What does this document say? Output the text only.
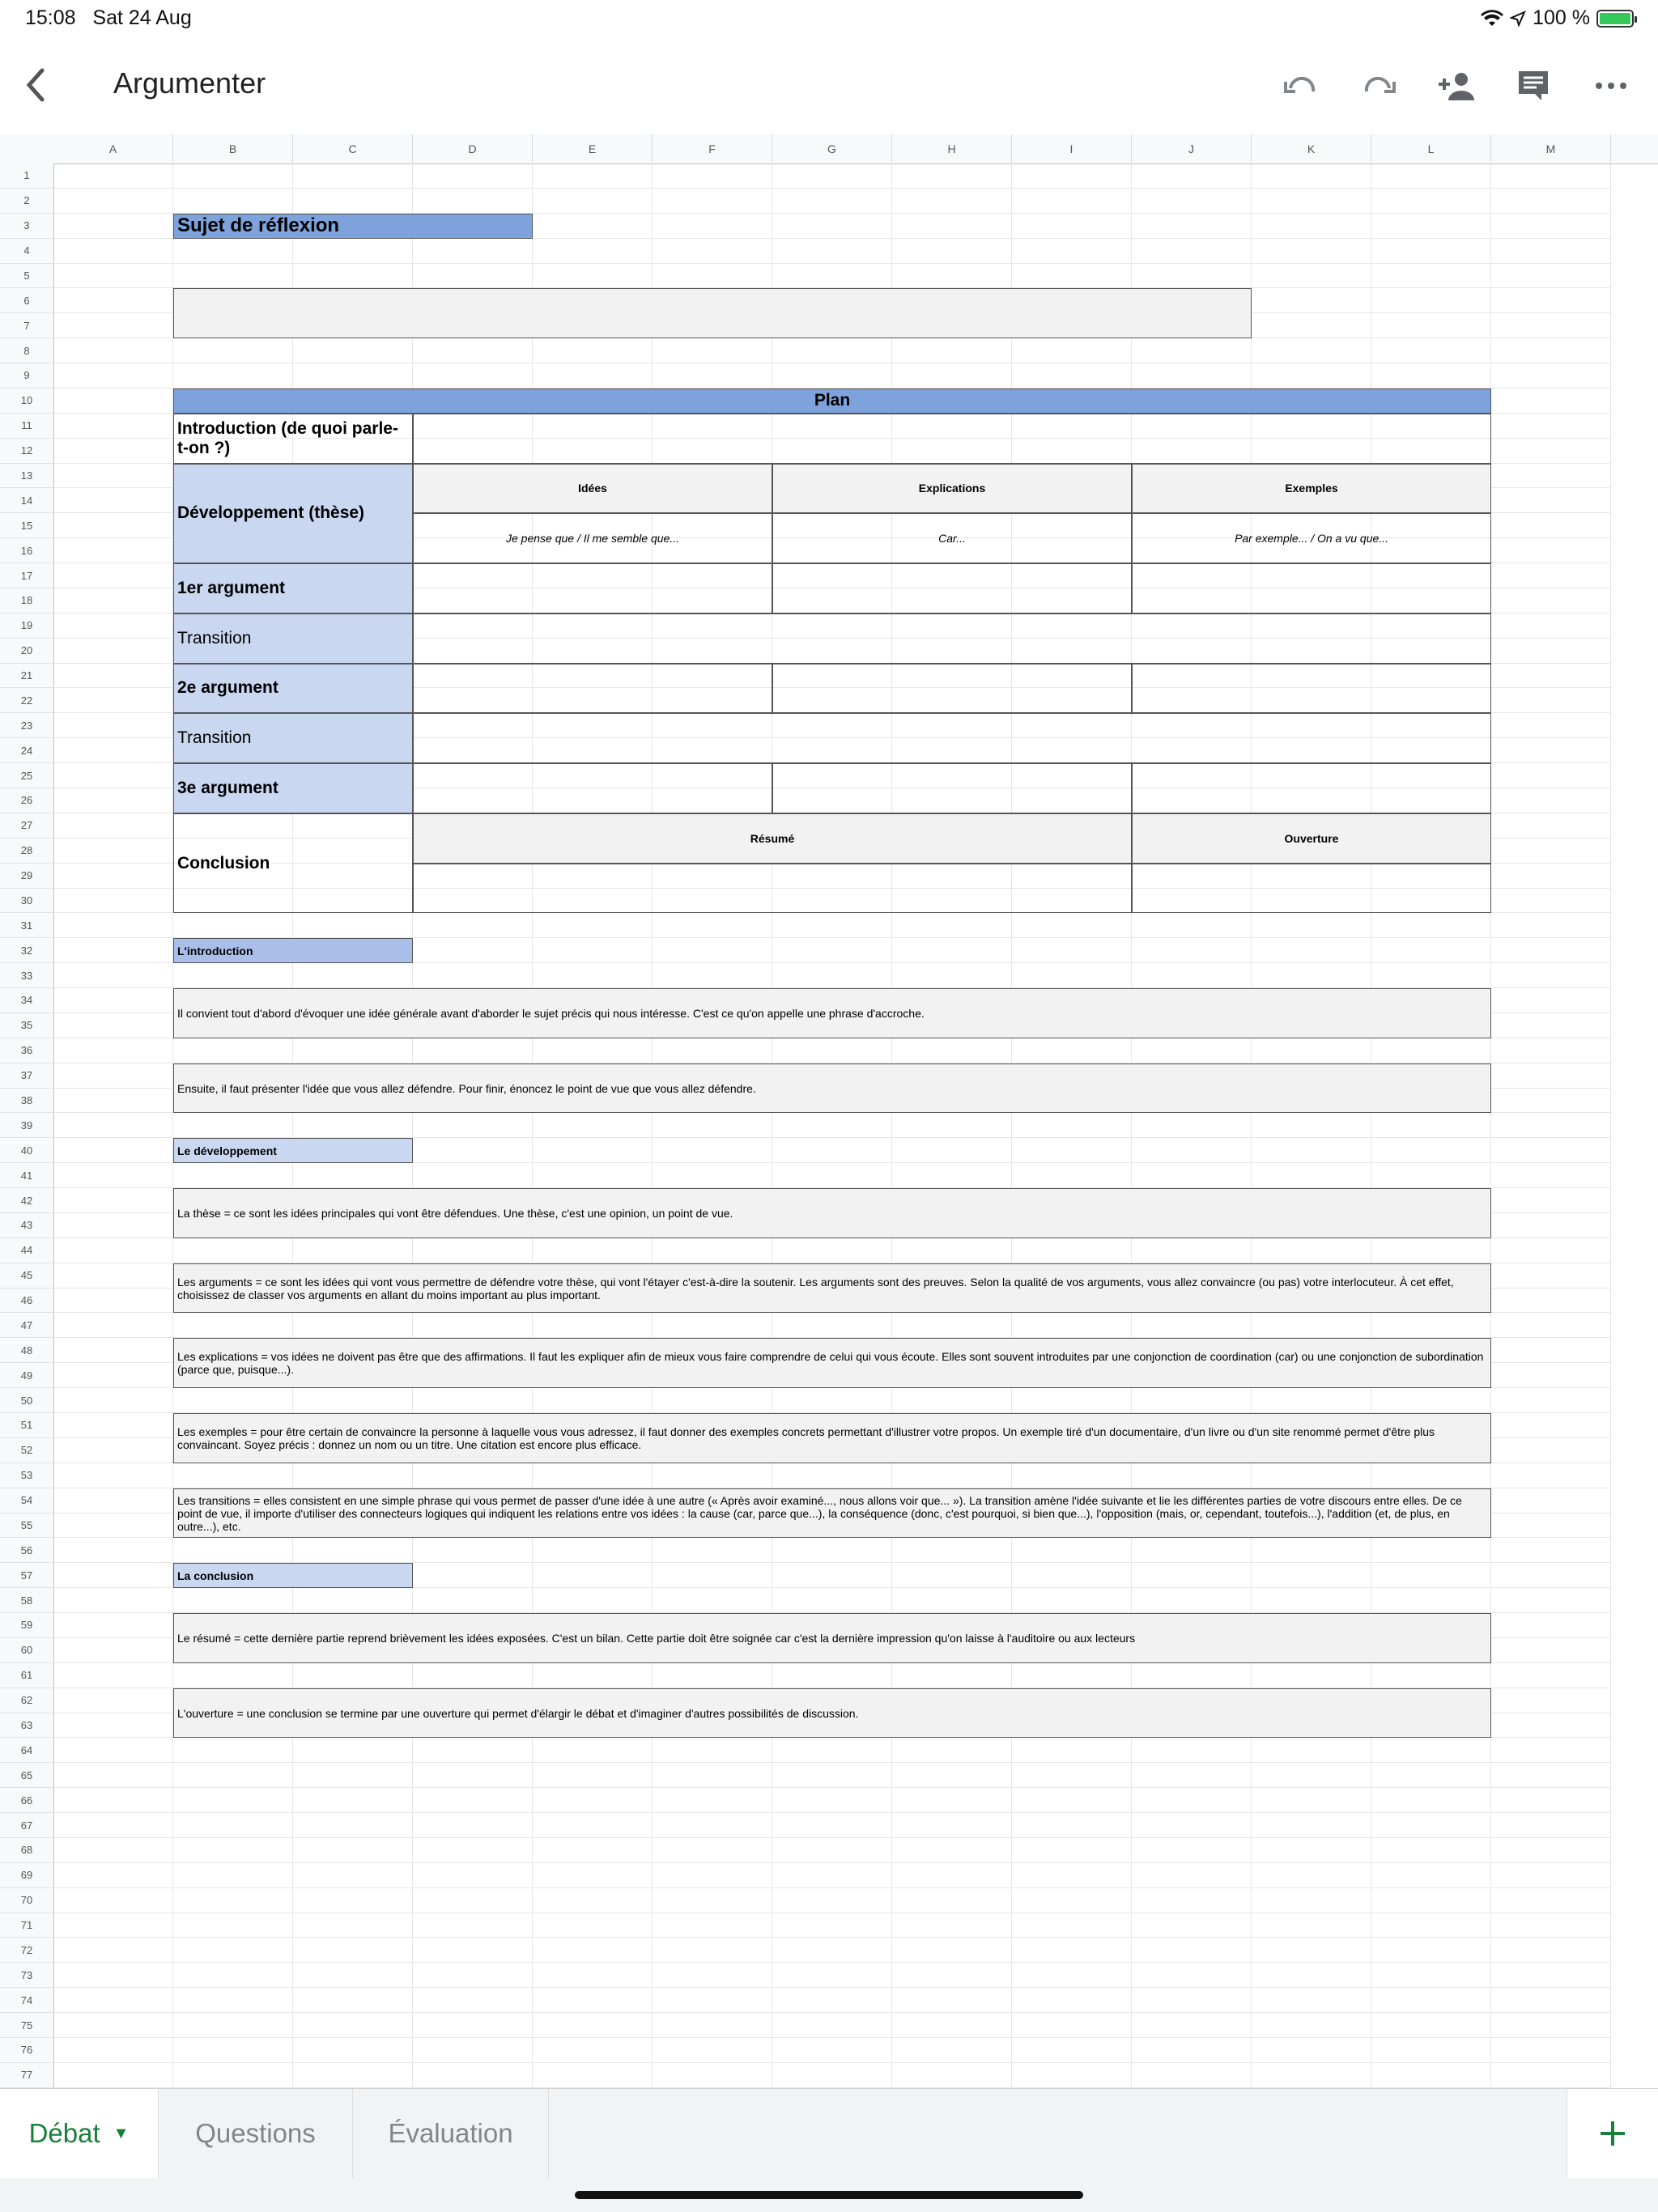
15:08 Sat 24 Aug	100 %
Argumenter
A	B	C	D	E	F	G	H	I	J	K	L	M
1
2
3
4
5
6
7
8
9
10
11
12
13
14
15
16
17
18
19
20
21
22
23
24
25
26
27
28
29
30
31
32
33
34
35
36
37
38
39
40
41
42
43
44
45
46
47
48
49
50
51
52
53
54
55
56
57
58
59
60
61
62
63
64
65
66
67
68
69
70
71
72
73
74
75
76
77
Sujet de réflexion
Plan
Introduction (de quoi parle-t-on ?)
Développement (thèse)
Idées	Explications	Exemples
Je pense que / Il me semble que...	Car...	Par exemple... / On a vu que...
1er argument
Transition
2e argument
Transition
3e argument
Conclusion
Résumé	Ouverture
L'introduction
Il convient tout d'abord d'évoquer une idée générale avant d'aborder le sujet précis qui nous intéresse. C'est ce qu'on appelle une phrase d'accroche.
Ensuite, il faut présenter l'idée que vous allez défendre. Pour finir, énoncez le point de vue que vous allez défendre.
Le développement
La thèse = ce sont les idées principales qui vont être défendues. Une thèse, c'est une opinion, un point de vue.
Les arguments = ce sont les idées qui vont vous permettre de défendre votre thèse, qui vont l'étayer c'est-à-dire la soutenir. Les arguments sont des preuves. Selon la qualité de vos arguments, vous allez convaincre (ou pas) votre interlocuteur. À cet effet, choisissez de classer vos arguments en allant du moins important au plus important.
Les explications = vos idées ne doivent pas être que des affirmations. Il faut les expliquer afin de mieux vous faire comprendre de celui qui vous écoute. Elles sont souvent introduites par une conjonction de coordination (car) ou une conjonction de subordination (parce que, puisque...).
Les exemples = pour être certain de convaincre la personne à laquelle vous vous adressez, il faut donner des exemples concrets permettant d'illustrer votre propos. Un exemple tiré d'un documentaire, d'un livre ou d'un site renommé permet d'être plus convaincant. Soyez précis : donnez un nom ou un titre. Une citation est encore plus efficace.
Les transitions = elles consistent en une simple phrase qui vous permet de passer d'une idée à une autre (« Après avoir examiné..., nous allons voir que... »). La transition amène l'idée suivante et lie les différentes parties de votre discours entre elles. De ce point de vue, il importe d'utiliser des connecteurs logiques qui indiquent les relations entre vos idées : la cause (car, parce que...), la conséquence (donc, c'est pourquoi, si bien que...), l'opposition (mais, or, cependant, toutefois...), l'addition (et, de plus, en outre...), etc.
La conclusion
Le résumé = cette dernière partie reprend brièvement les idées exposées. C'est un bilan. Cette partie doit être soignée car c'est la dernière impression qu'on laisse à l'auditoire ou aux lecteurs
L'ouverture = une conclusion se termine par une ouverture qui permet d'élargir le débat et d'imaginer d'autres possibilités de discussion.
Débat ▼ Questions	Évaluation
